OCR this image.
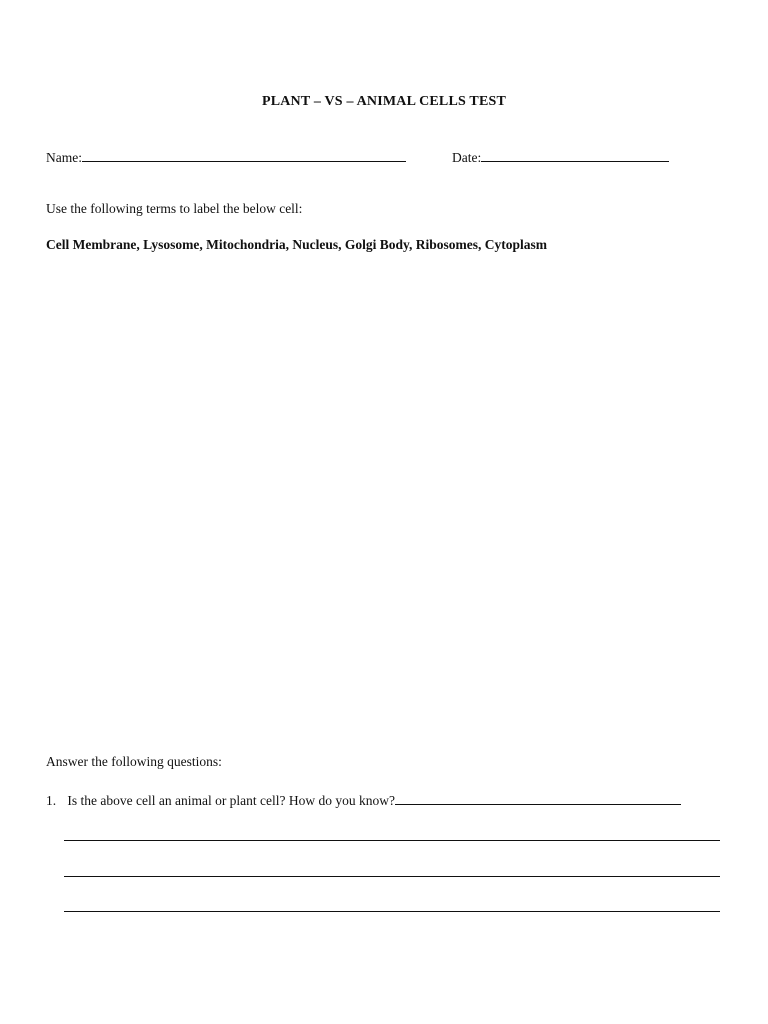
PLANT – VS – ANIMAL CELLS TEST
Name:	Date:
Use the following terms to label the below cell:
Cell Membrane, Lysosome, Mitochondria, Nucleus, Golgi Body, Ribosomes, Cytoplasm
Answer the following questions:
1. Is the above cell an animal or plant cell? How do you know?
